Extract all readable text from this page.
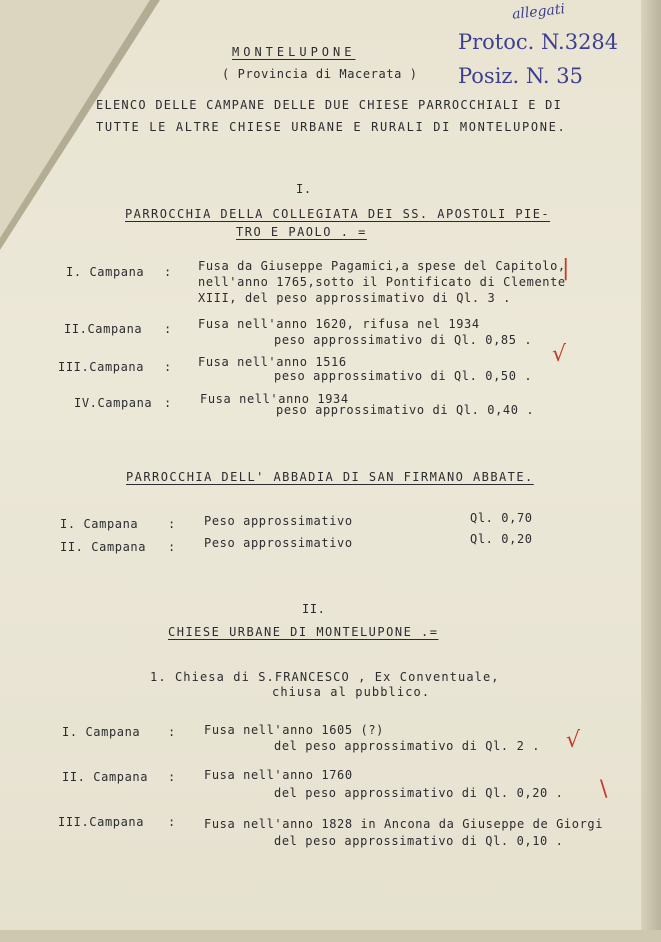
allegati
Protoc. N.3284
Posiz. N. 35
MONTELUPONE
( Provincia di Macerata )
ELENCO DELLE CAMPANE DELLE DUE CHIESE PARROCCHIALI E DI
TUTTE LE ALTRE CHIESE URBANE E RURALI DI MONTELUPONE.
I.
PARROCCHIA DELLA COLLEGIATA DEI SS. APOSTOLI PIE-
TRO E PAOLO . =
I. Campana : Fusa da Giuseppe Pagamici,a spese del Capitolo,
nell'anno 1765,sotto il Pontificato di Clemente
XIII, del peso approssimativo di Ql. 3 .
|
II.Campana : Fusa nell'anno 1620, rifusa nel 1934
peso approssimativo di Ql. 0,85 .
III.Campana : Fusa nell'anno 1516
peso approssimativo di Ql. 0,50 .
√
IV.Campana : Fusa nell'anno 1934
peso approssimativo di Ql. 0,40 .
PARROCCHIA DELL' ABBADIA DI SAN FIRMANO ABBATE.
I. Campana : Peso approssimativo	Ql. 0,70
II. Campana : Peso approssimativo	Ql. 0,20
II.
CHIESE URBANE DI MONTELUPONE .=
1. Chiesa di S.FRANCESCO , Ex Conventuale,
chiusa al pubblico.
I. Campana : Fusa nell'anno 1605 (?)
del peso approssimativo di Ql. 2 . √
II. Campana : Fusa nell'anno 1760
del peso approssimativo di Ql. 0,20 . \
III.Campana : Fusa nell'anno 1828 in Ancona da Giuseppe de Giorgi
del peso approssimativo di Ql. 0,10 .
